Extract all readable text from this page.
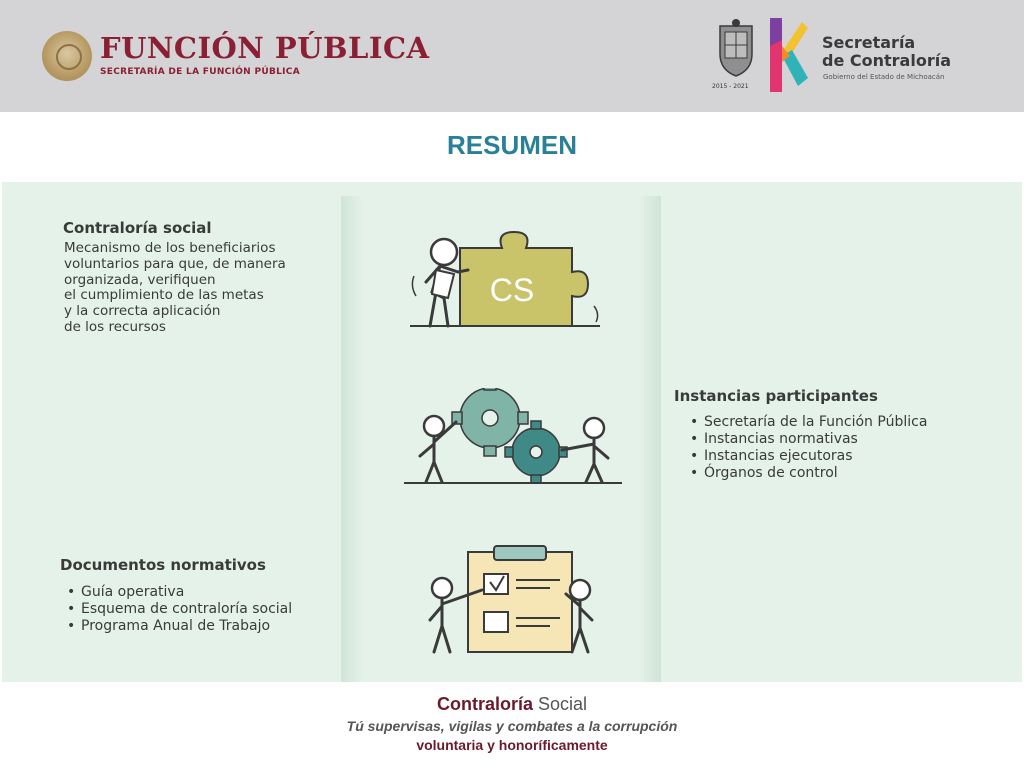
FUNCIÓN PÚBLICA
SECRETARÍA DE LA FUNCIÓN PÚBLICA
2015 - 2021
Secretaría
de Contraloría
Gobierno del Estado de Michoacán
RESUMEN
Contraloría social
Mecanismo de los beneficiarios
voluntarios para que, de manera
organizada, verifiquen
el cumplimiento de las metas
y la correcta aplicación
de los recursos
Instancias participantes
• Secretaría de la Función Pública
• Instancias normativas
• Instancias ejecutoras
• Órganos de control
Documentos normativos
• Guía operativa
• Esquema de contraloría social
• Programa Anual de Trabajo
CS
Contraloría Social
Tú supervisas, vigilas y combates a la corrupción
voluntaria y honoríficamente
